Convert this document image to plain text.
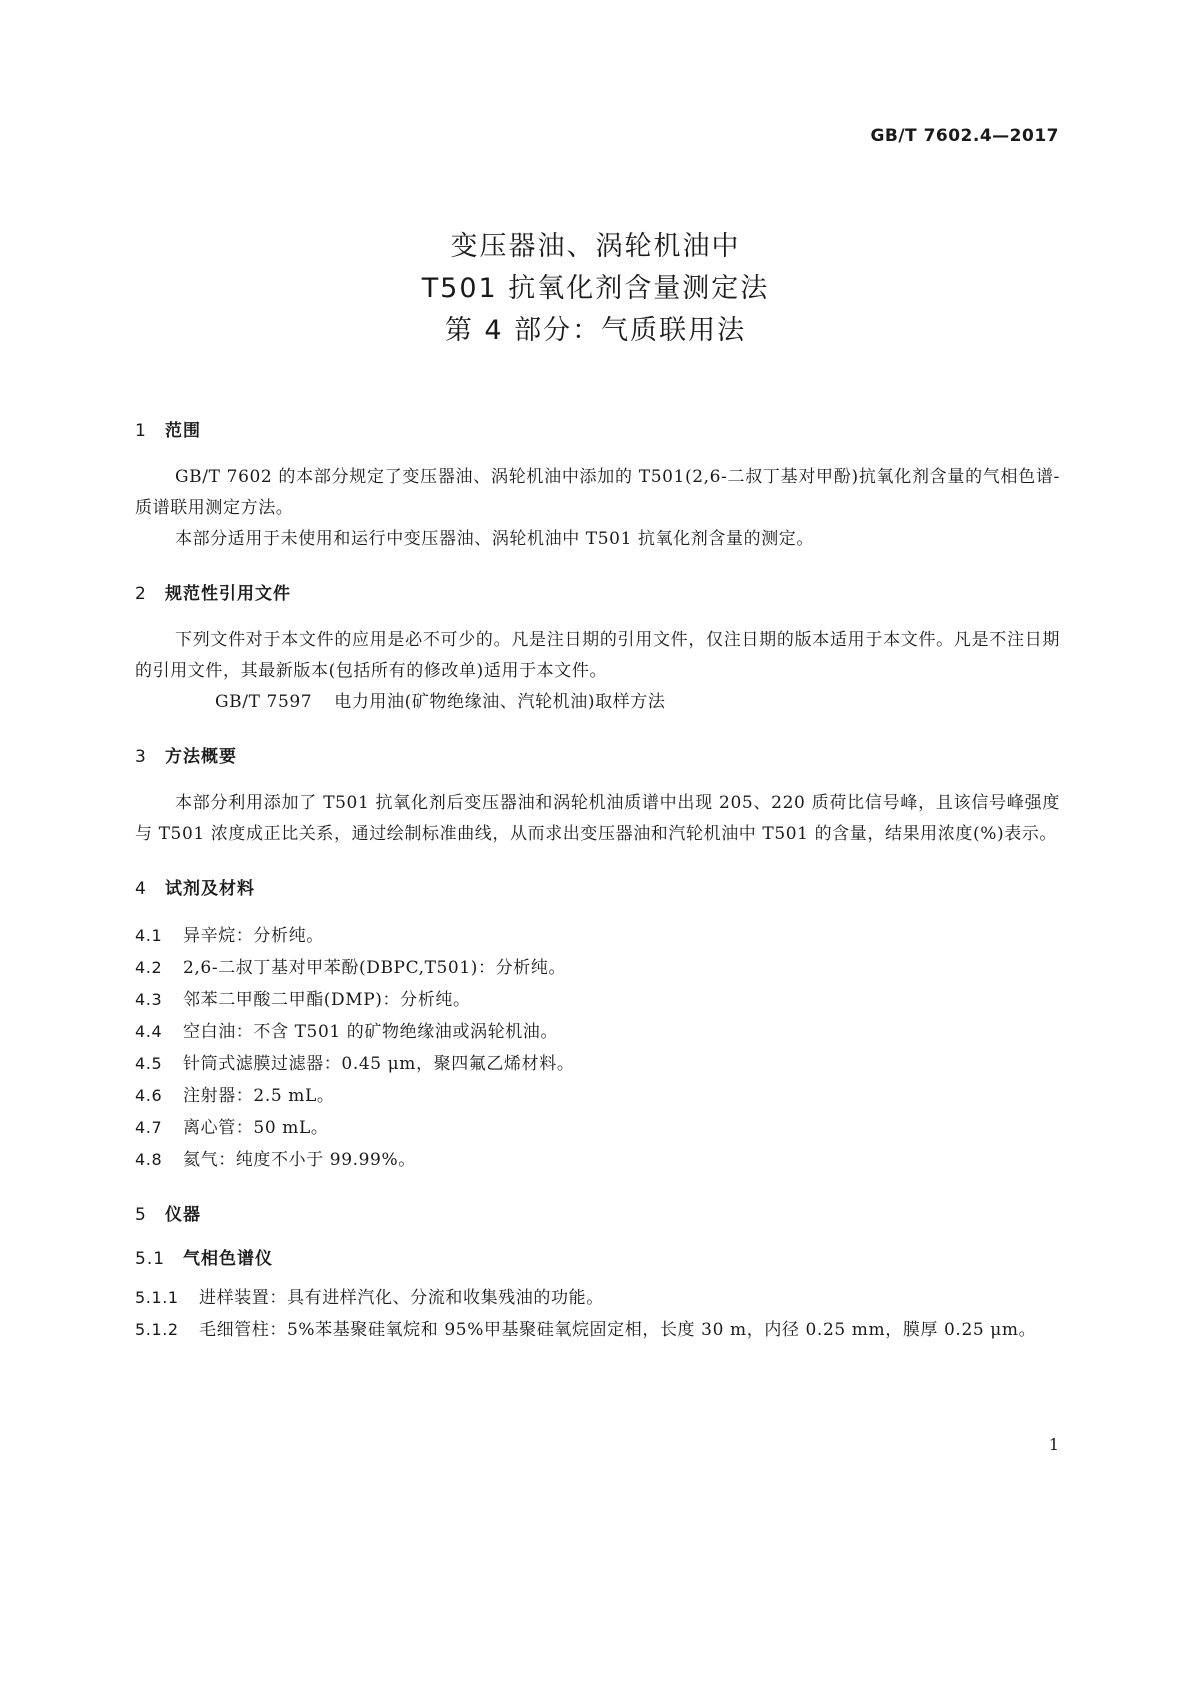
GB/T 7602.4—2017
变压器油、涡轮机油中
T501 抗氧化剂含量测定法
第 4 部分：气质联用法
1 范围

GB/T 7602 的本部分规定了变压器油、涡轮机油中添加的 T501(2,6-二叔丁基对甲酚)抗氧化剂含量的气相色谱-质谱联用测定方法。

本部分适用于未使用和运行中变压器油、涡轮机油中 T501 抗氧化剂含量的测定。

2 规范性引用文件

下列文件对于本文件的应用是必不可少的。凡是注日期的引用文件，仅注日期的版本适用于本文件。凡是不注日期的引用文件，其最新版本(包括所有的修改单)适用于本文件。

GB/T 7597 电力用油(矿物绝缘油、汽轮机油)取样方法

3 方法概要

本部分利用添加了 T501 抗氧化剂后变压器油和涡轮机油质谱中出现 205、220 质荷比信号峰，且该信号峰强度与 T501 浓度成正比关系，通过绘制标准曲线，从而求出变压器油和汽轮机油中 T501 的含量，结果用浓度(%)表示。

4 试剂及材料

4.1 异辛烷：分析纯。

4.2 2,6-二叔丁基对甲苯酚(DBPC,T501)：分析纯。

4.3 邻苯二甲酸二甲酯(DMP)：分析纯。

4.4 空白油：不含 T501 的矿物绝缘油或涡轮机油。

4.5 针筒式滤膜过滤器：0.45 μm，聚四氟乙烯材料。

4.6 注射器：2.5 mL。

4.7 离心管：50 mL。

4.8 氦气：纯度不小于 99.99%。

5 仪器
5.1 气相色谱仪

5.1.1 进样装置：具有进样汽化、分流和收集残油的功能。

5.1.2 毛细管柱：5%苯基聚硅氧烷和 95%甲基聚硅氧烷固定相，长度 30 m，内径 0.25 mm，膜厚 0.25 μm。

1
